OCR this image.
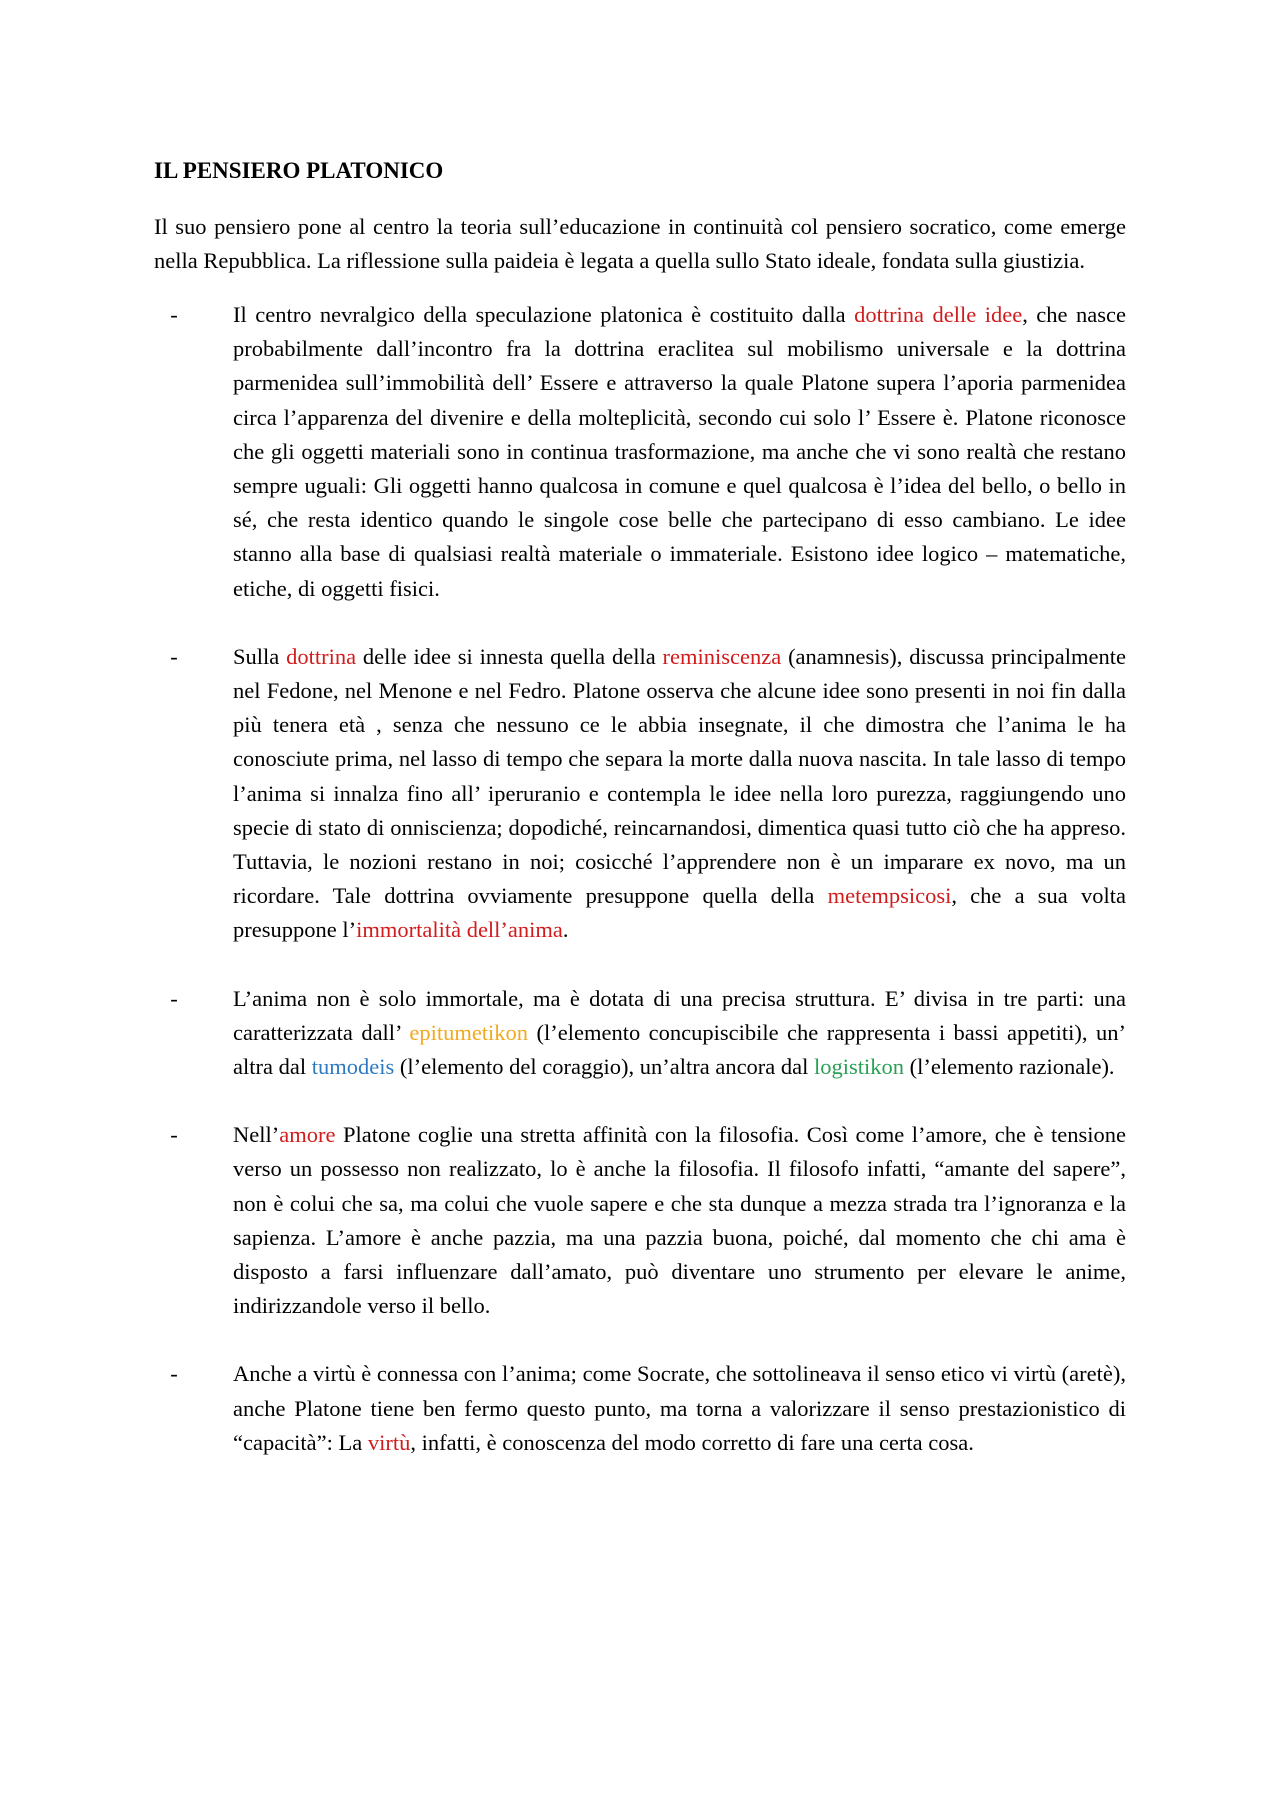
IL PENSIERO PLATONICO

Il suo pensiero pone al centro la teoria sull’educazione in continuità col pensiero socratico, come emerge nella Repubblica. La riflessione sulla paideia è legata a quella sullo Stato ideale, fondata sulla giustizia.

-	Il centro nevralgico della speculazione platonica è costituito dalla dottrina delle idee, che nasce probabilmente dall’incontro fra la dottrina eraclitea sul mobilismo universale e la dottrina parmenidea sull’immobilità dell’ Essere e attraverso la quale Platone supera l’aporia parmenidea circa l’apparenza del divenire e della molteplicità, secondo cui solo l’ Essere è. Platone riconosce che gli oggetti materiali sono in continua trasformazione, ma anche che vi sono realtà che restano sempre uguali: Gli oggetti hanno qualcosa in comune e quel qualcosa è l’idea del bello, o bello in sé, che resta identico quando le singole cose belle che partecipano di esso cambiano. Le idee stanno alla base di qualsiasi realtà materiale o immateriale. Esistono idee logico – matematiche, etiche, di oggetti fisici.
-	Sulla dottrina delle idee si innesta quella della reminiscenza (anamnesis), discussa principalmente nel Fedone, nel Menone e nel Fedro. Platone osserva che alcune idee sono presenti in noi fin dalla più tenera età , senza che nessuno ce le abbia insegnate, il che dimostra che l’anima le ha conosciute prima, nel lasso di tempo che separa la morte dalla nuova nascita. In tale lasso di tempo l’anima si innalza fino all’ iperuranio e contempla le idee nella loro purezza, raggiungendo uno specie di stato di onniscienza; dopodiché, reincarnandosi, dimentica quasi tutto ciò che ha appreso. Tuttavia, le nozioni restano in noi; cosicché l’apprendere non è un imparare ex novo, ma un ricordare. Tale dottrina ovviamente presuppone quella della metempsicosi, che a sua volta presuppone l’immortalità dell’anima.
-	L’anima non è solo immortale, ma è dotata di una precisa struttura. E’ divisa in tre parti: una caratterizzata dall’ epitumetikon (l’elemento concupiscibile che rappresenta i bassi appetiti), un’ altra dal tumodeis (l’elemento del coraggio), un’altra ancora dal logistikon (l’elemento razionale).
-	Nell’amore Platone coglie una stretta affinità con la filosofia. Così come l’amore, che è tensione verso un possesso non realizzato, lo è anche la filosofia. Il filosofo infatti, “amante del sapere”, non è colui che sa, ma colui che vuole sapere e che sta dunque a mezza strada tra l’ignoranza e la sapienza. L’amore è anche pazzia, ma una pazzia buona, poiché, dal momento che chi ama è disposto a farsi influenzare dall’amato, può diventare uno strumento per elevare le anime, indirizzandole verso il bello.
-	Anche a virtù è connessa con l’anima; come Socrate, che sottolineava il senso etico vi virtù (aretè), anche Platone tiene ben fermo questo punto, ma torna a valorizzare il senso prestazionistico di “capacità”: La virtù, infatti, è conoscenza del modo corretto di fare una certa cosa.
